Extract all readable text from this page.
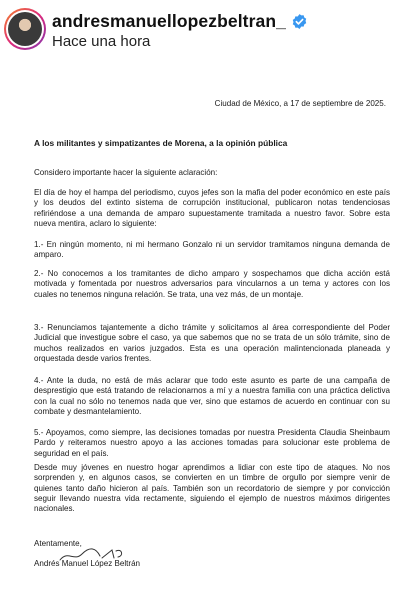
andresmanuellopezbeltran_
Hace una hora
Ciudad de México, a 17 de septiembre de 2025.
A los militantes y simpatizantes de Morena, a la opinión pública
Considero importante hacer la siguiente aclaración:
El día de hoy el hampa del periodismo, cuyos jefes son la mafia del poder económico en este país y los deudos del extinto sistema de corrupción institucional, publicaron notas tendenciosas refiriéndose a una demanda de amparo supuestamente tramitada a nuestro favor. Sobre esta nueva mentira, aclaro lo siguiente:
1.- En ningún momento, ni mi hermano Gonzalo ni un servidor tramitamos ninguna demanda de amparo.
2.- No conocemos a los tramitantes de dicho amparo y sospechamos que dicha acción está motivada y fomentada por nuestros adversarios para vincularnos a un tema y actores con los cuales no tenemos ninguna relación. Se trata, una vez más, de un montaje.
3.- Renunciamos tajantemente a dicho trámite y solicitamos al área correspondiente del Poder Judicial que investigue sobre el caso, ya que sabemos que no se trata de un sólo trámite, sino de muchos realizados en varios juzgados. Esta es una operación malintencionada planeada y orquestada desde varios frentes.
4.- Ante la duda, no está de más aclarar que todo este asunto es parte de una campaña de desprestigio que está tratando de relacionarnos a mí y a nuestra familia con una práctica delictiva con la cual no sólo no tenemos nada que ver, sino que estamos de acuerdo en continuar con su combate y desmantelamiento.
5.- Apoyamos, como siempre, las decisiones tomadas por nuestra Presidenta Claudia Sheinbaum Pardo y reiteramos nuestro apoyo a las acciones tomadas para solucionar este problema de seguridad en el país.
Desde muy jóvenes en nuestro hogar aprendimos a lidiar con este tipo de ataques. No nos sorprenden y, en algunos casos, se convierten en un timbre de orgullo por siempre venir de quienes tanto daño hicieron al país. También son un recordatorio de siempre y por convicción seguir llevando nuestra vida rectamente, siguiendo el ejemplo de nuestros máximos dirigentes nacionales.
Atentamente,
Andrés Manuel López Beltrán
